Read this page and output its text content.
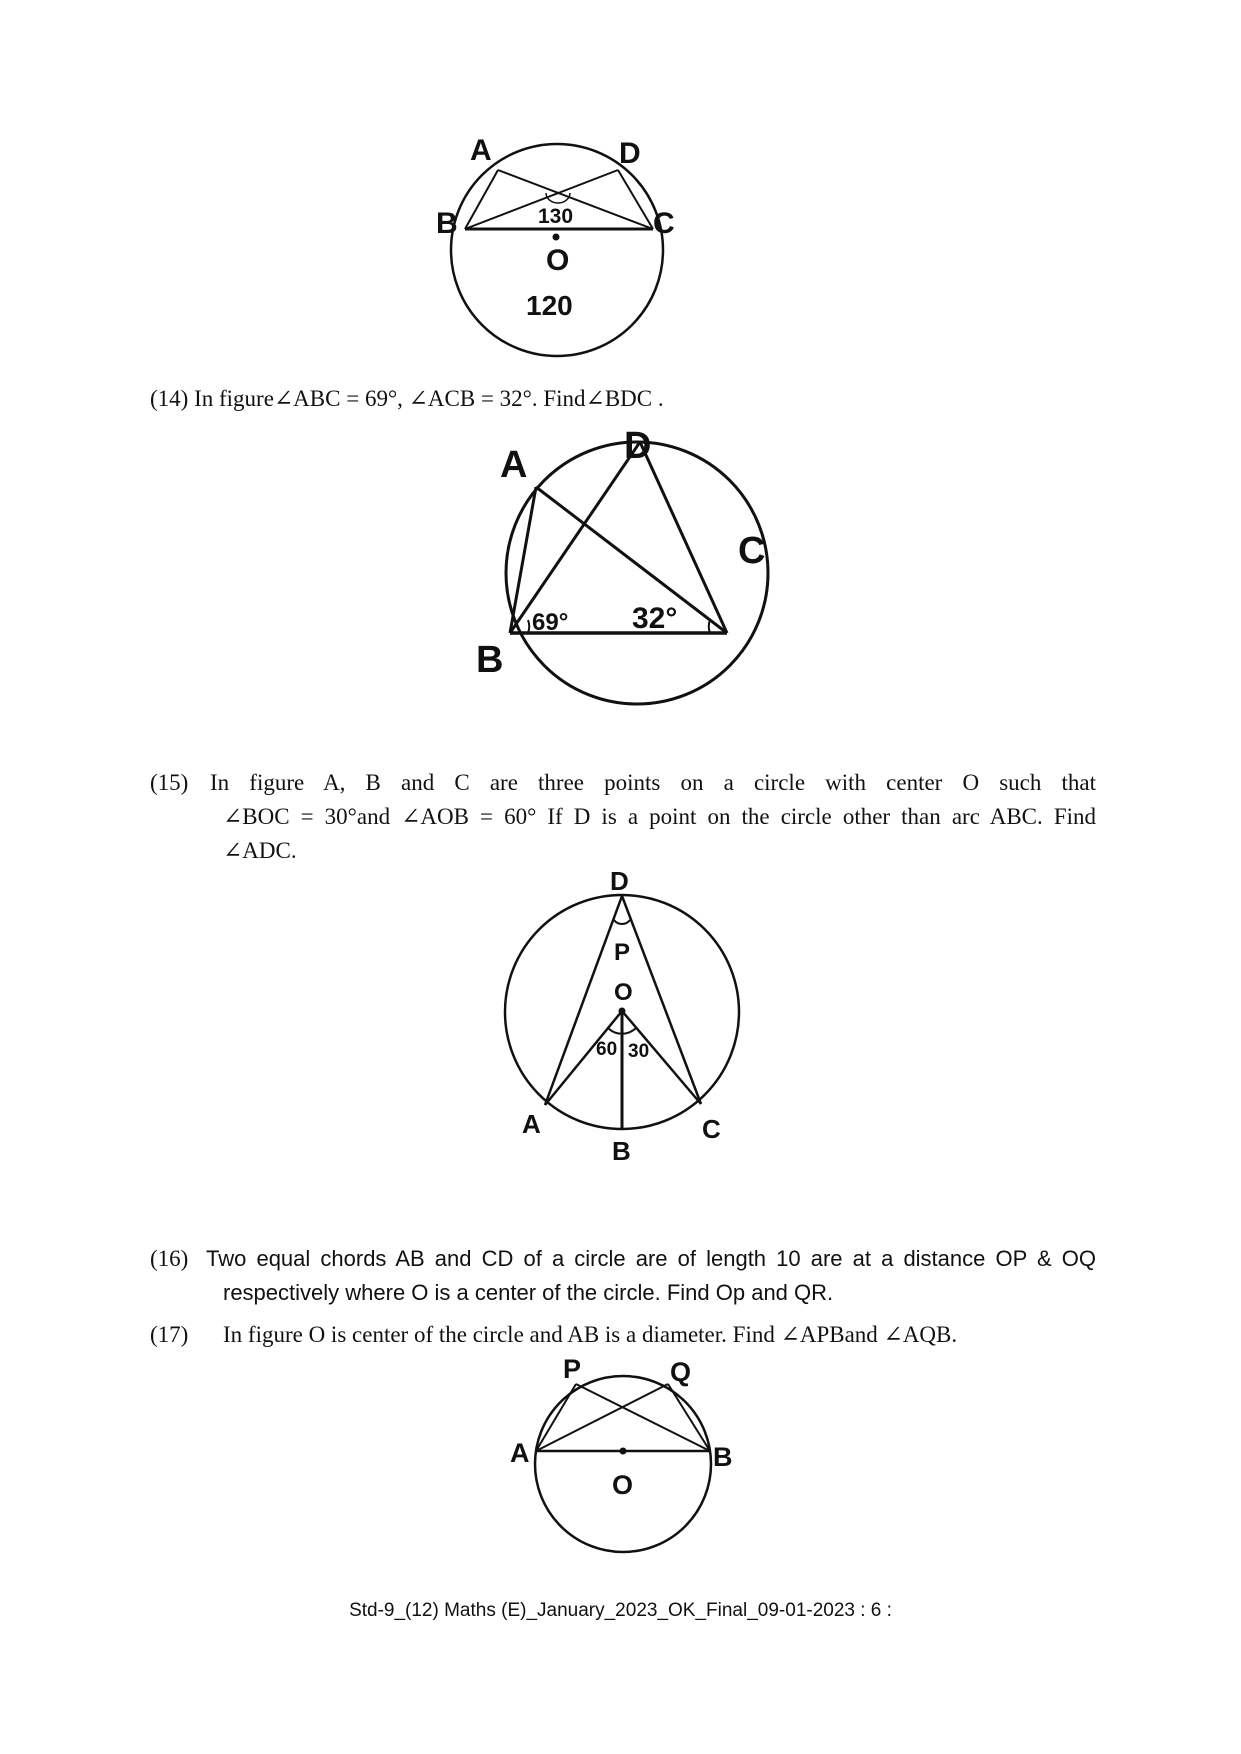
A	D
B	C
O
130
120
(14) In figure∠ABC = 69°, ∠ACB = 32°. Find∠BDC .
A	D
C
B
69° 32°
(15) In figure A, B and C are three points on a circle with center O such that
∠BOC = 30°and ∠AOB = 60° If D is a point on the circle other than arc ABC. Find
∠ADC.
D
P
O
60 30
A	C
B
(16) Two equal chords AB and CD of a circle are of length 10 are at a distance OP & OQ
respectively where O is a center of the circle. Find Op and QR.
(17) In figure O is center of the circle and AB is a diameter. Find ∠APBand ∠AQB.
P	Q
A	B
O
Std-9_(12) Maths (E)_January_2023_OK_Final_09-01-2023 : 6 :
